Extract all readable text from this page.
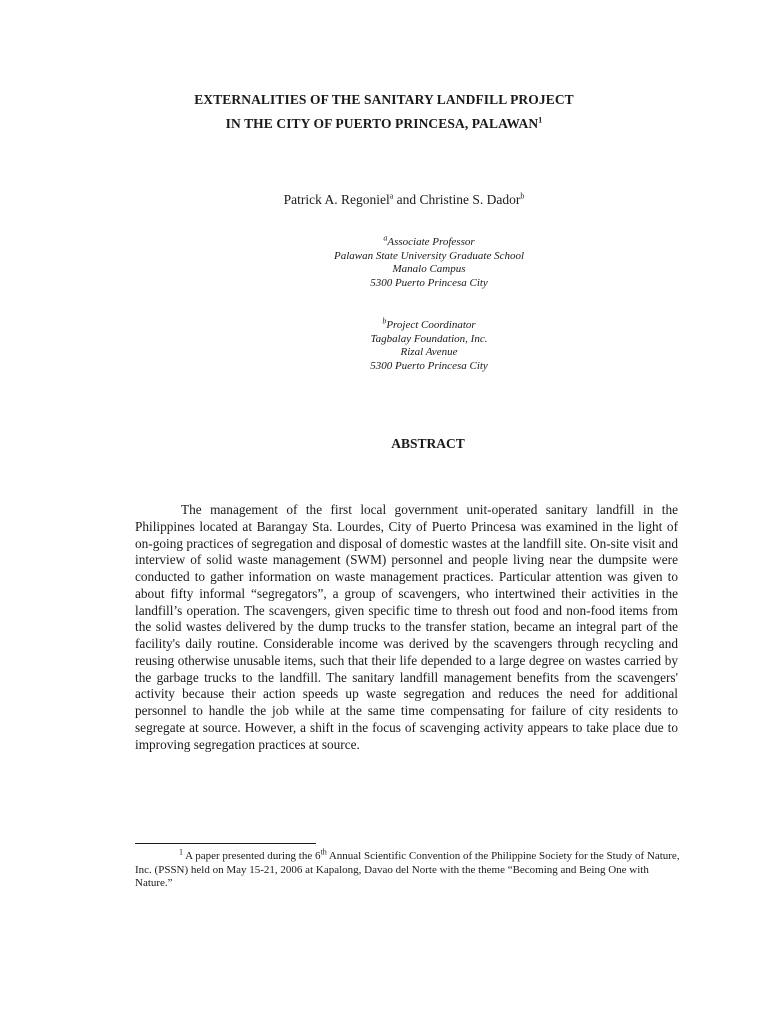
EXTERNALITIES OF THE SANITARY LANDFILL PROJECT
IN THE CITY OF PUERTO PRINCESA, PALAWAN$^1$
Patrick A. Regoniel$^a$ and Christine S. Dador$^b$
$^a$Associate Professor
Palawan State University Graduate School
Manalo Campus
5300 Puerto Princesa City
$^b$Project Coordinator
Tagbalay Foundation, Inc.
Rizal Avenue
5300 Puerto Princesa City
ABSTRACT

The management of the first local government unit-operated sanitary landfill in the Philippines located at Barangay Sta. Lourdes, City of Puerto Princesa was examined in the light of on-going practices of segregation and disposal of domestic wastes at the landfill site. On-site visit and interview of solid waste management (SWM) personnel and people living near the dumpsite were conducted to gather information on waste management practices. Particular attention was given to about fifty informal “segregators”, a group of scavengers, who intertwined their activities in the landfill’s operation. The scavengers, given specific time to thresh out food and non-food items from the solid wastes delivered by the dump trucks to the transfer station, became an integral part of the facility's daily routine. Considerable income was derived by the scavengers through recycling and reusing otherwise unusable items, such that their life depended to a large degree on wastes carried by the garbage trucks to the landfill. The sanitary landfill management benefits from the scavengers' activity because their action speeds up waste segregation and reduces the need for additional personnel to handle the job while at the same time compensating for failure of city residents to segregate at source. However, a shift in the focus of scavenging activity appears to take place due to improving segregation practices at source.

$^1$ A paper presented during the 6th Annual Scientific Convention of the Philippine Society for the Study of Nature, Inc. (PSSN) held on May 15-21, 2006 at Kapalong, Davao del Norte with the theme “Becoming and Being One with Nature.”
